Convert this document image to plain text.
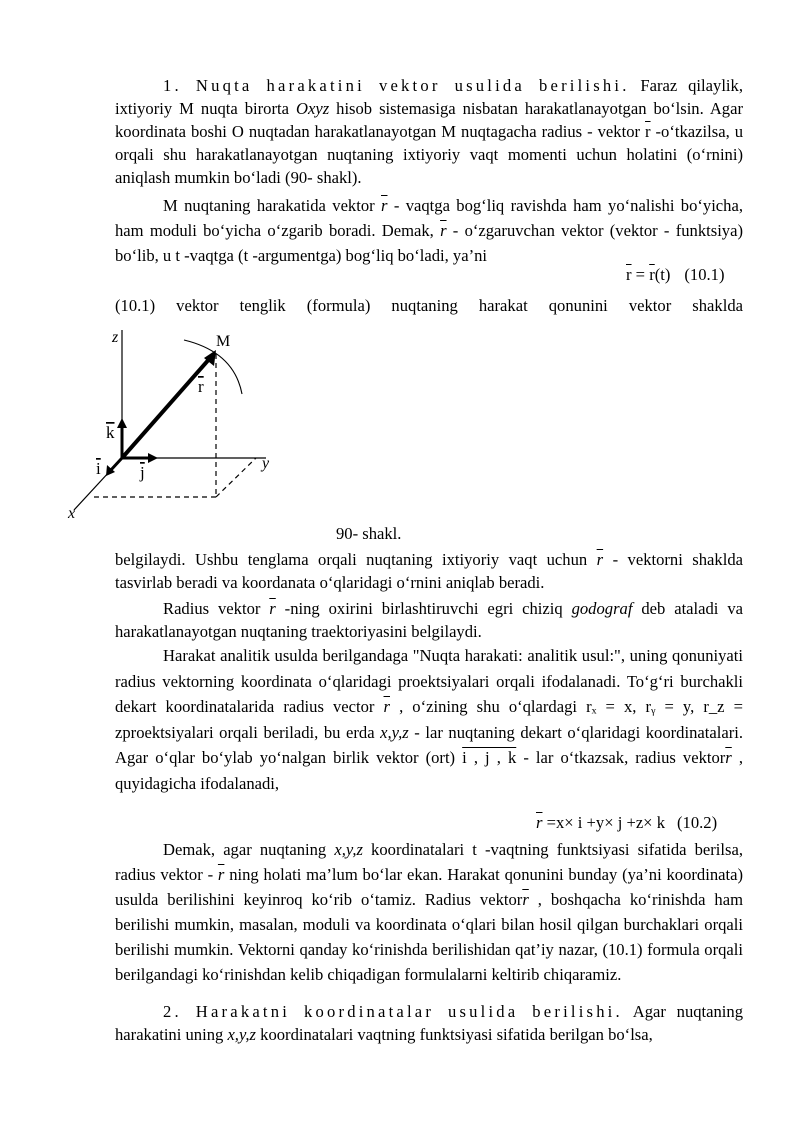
1. Nuqta harakatini vektor usulida berilishi. Faraz qilaylik, ixtiyoriy M nuqta birorta Oxyz hisob sistemasiga nisbatan harakatlanayotgan bo‘lsin. Agar koordinata boshi O nuqtadan harakatlanayotgan M nuqtagacha radius - vektor $\overline{r}$ -o‘tkazilsa, u orqali shu harakatlanayotgan nuqtaning ixtiyoriy vaqt momenti uchun holatini (o‘rnini) aniqlash mumkin bo‘ladi (90- shakl).

M nuqtaning harakatida vektor $\overline{r}$ - vaqtga bog‘liq ravishda ham yo‘nalishi bo‘yicha, ham moduli bo‘yicha o‘zgarib boradi. Demak, $\overline{r}$ - o‘zgaruvchan vektor (vektor - funktsiya) bo‘lib, u t -vaqtga (t -argumentga) bog‘liq bo‘ladi, ya’ni

$\overline{r} = \overline{r}(t)$ (10.1)

(10.1) vektor tenglik (formula) nuqtaning harakat qonunini vektor shaklda

z
y
x
M
r
k
i j
90- shakl.

belgilaydi. Ushbu tenglama orqali nuqtaning ixtiyoriy vaqt uchun $\overline{r}$ - vektorni shaklda tasvirlab beradi va koordanata o‘qlaridagi o‘rnini aniqlab beradi.

Radius vektor $\overline{r}$ -ning oxirini birlashtiruvchi egri chiziq godograf deb ataladi va harakatlanayotgan nuqtaning traektoriyasini belgilaydi.

Harakat analitik usulda berilgandaga "Nuqta harakati: analitik usul:", uning qonuniyati radius vektorning koordinata o‘qlaridagi proektsiyalari orqali ifodalanadi. To‘g‘ri burchakli dekart koordinatalarida radius vector $\overline{r}$ , o‘zining shu o‘qlardagi rₓ = x, rᵧ = y, r_z = zproektsiyalari orqali beriladi, bu erda x,y,z - lar nuqtaning dekart o‘qlaridagi koordinatalari. Agar o‘qlar bo‘ylab yo‘nalgan birlik vektor (ort) i , j , k - lar o‘tkazsak, radius $vektor\overline{r}$ , quyidagicha ifodalanadi,

$\overline{r} =x\times i +y\times j +z\times k$ (10.2)

Demak, agar nuqtaning x,y,z koordinatalari t -vaqtning funktsiyasi sifatida berilsa, radius vektor - $\overline{r}$ ning holati ma’lum bo‘lar ekan. Harakat qonunini bunday (ya’ni koordinata) usulda berilishini keyinroq ko‘rib o‘tamiz. Radius $vektor\overline{r}$ , boshqacha ko‘rinishda ham berilishi mumkin, masalan, moduli va koordinata o‘qlari bilan hosil qilgan burchaklari orqali berilishi mumkin. Vektorni qanday ko‘rinishda berilishidan qat’iy nazar, (10.1) formula orqali berilgandagi ko‘rinishdan kelib chiqadigan formulalarni keltirib chiqaramiz.

2. Harakatni koordinatalar usulida berilishi. Agar nuqtaning harakatini uning x,y,z koordinatalari vaqtning funktsiyasi sifatida berilgan bo‘lsa,
